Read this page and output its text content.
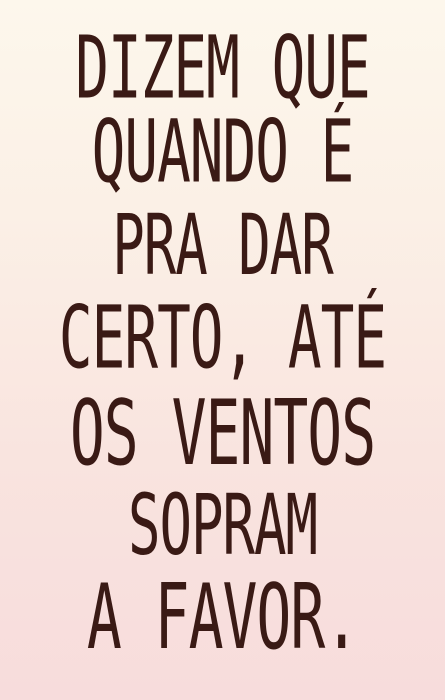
DIZEM QUE
QUANDO É
PRA DAR
CERTO, ATÉ
OS VENTOS
SOPRAM
A FAVOR.
